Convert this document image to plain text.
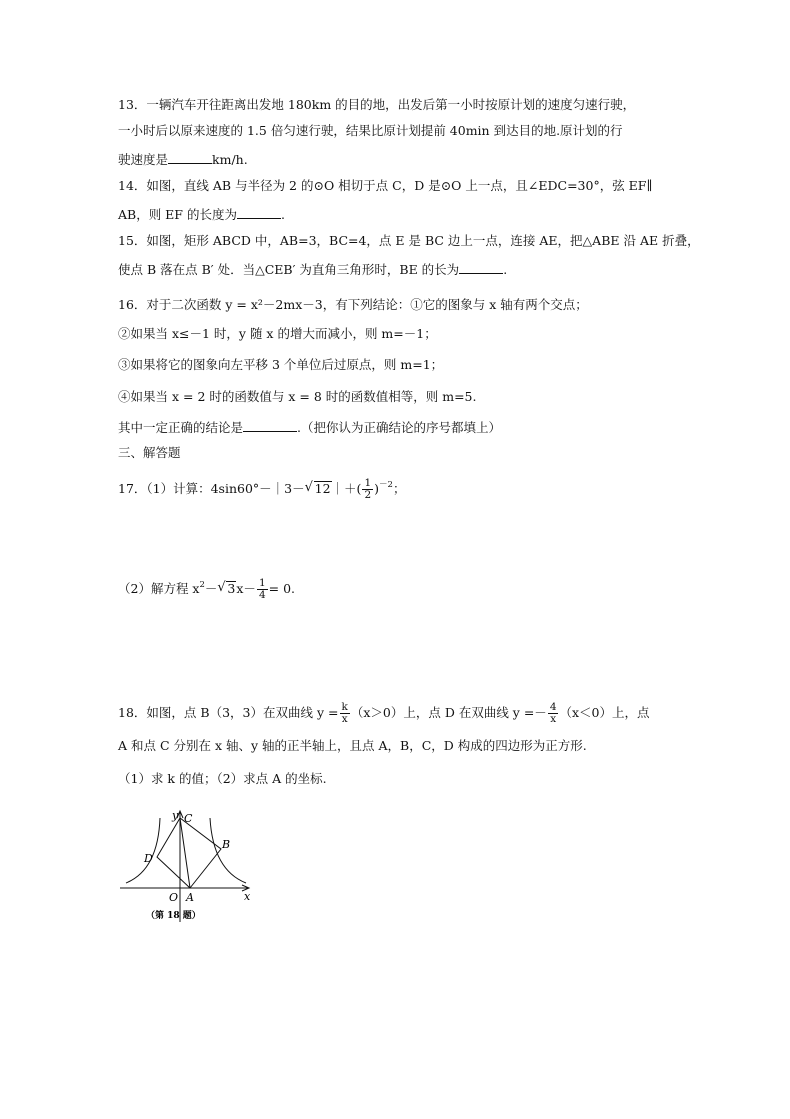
13．一辆汽车开往距离出发地 180km 的目的地，出发后第一小时按原计划的速度匀速行驶，
一小时后以原来速度的 1.5 倍匀速行驶，结果比原计划提前 40min 到达目的地.原计划的行
驶速度是	km/h.
14．如图，直线 AB 与半径为 2 的⊙O 相切于点 C，D 是⊙O 上一点，且∠EDC=30°，弦 EF∥
AB，则 EF 的长度为	.
15．如图，矩形 ABCD 中，AB=3，BC=4，点 E 是 BC 边上一点，连接 AE，把△ABE 沿 AE 折叠，
使点 B 落在点 B′ 处．当△CEB′ 为直角三角形时，BE 的长为	.
16．对于二次函数 y = x²－2mx－3，有下列结论：①它的图象与 x 轴有两个交点；
②如果当 x≤－1 时，y 随 x 的增大而减小，则 m=－1；
③如果将它的图象向左平移 3 个单位后过原点，则 m=1；
④如果当 x = 2 时的函数值与 x = 8 时的函数值相等，则 m=5.
其中一定正确的结论是	.（把你认为正确结论的序号都填上）
三、解答题
17．（1）计算：4sin60°－｜3－ √ 12｜＋( $\frac{1}{2} )^{-2}$；
（2）解方程 $x^2-$ √ $3x- \frac{1}{4} = 0$.
18．如图，点 B（3，3）在双曲线 $y = \frac{k}{x} (x>0)$上，点 D 在双曲线 $y =- \frac{4}{x} (x<0)$上，点
A 和点 C 分别在 x 轴、y 轴的正半轴上，且点 A，B，C，D 构成的四边形为正方形.
（1）求 k 的值；（2）求点 A 的坐标.
y C
B
D
O A	x
（第 18 题）
